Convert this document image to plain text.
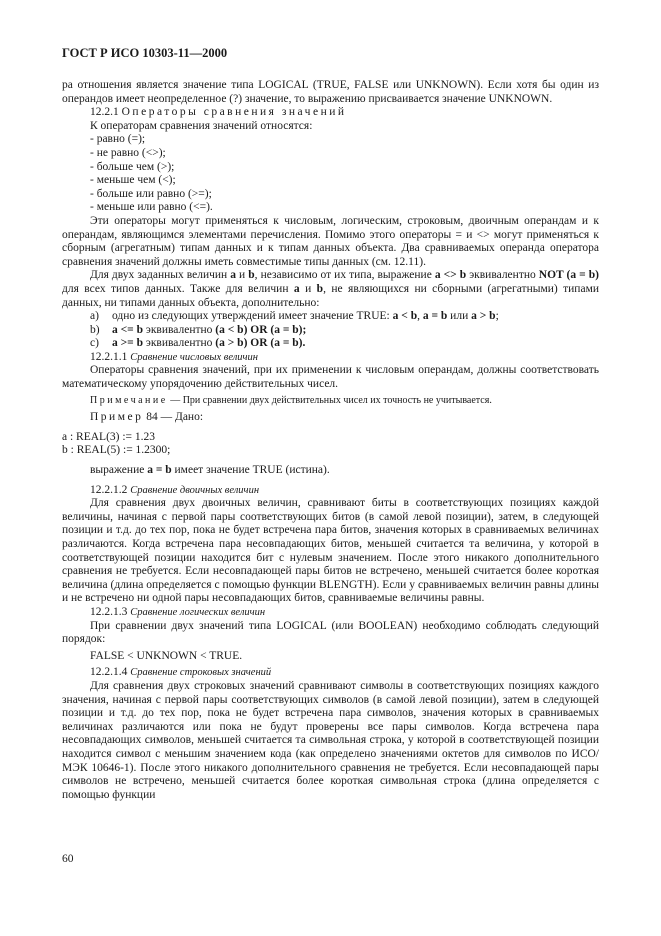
ГОСТ Р ИСО 10303-11—2000

ра отношения является значение типа LOGICAL (TRUE, FALSE или UNKNOWN). Если хотя бы один из операндов имеет неопределенное (?) значение, то выражению присваивается значение UNKNOWN.

12.2.1 Операторы сравнения значений

К операторам сравнения значений относятся:

- равно (=);

- не равно (<>);

- больше чем (>);

- меньше чем (<);

- больше или равно (>=);

- меньше или равно (<=).

Эти операторы могут применяться к числовым, логическим, строковым, двоичным операндам и к операндам, являющимся элементами перечисления. Помимо этого операторы = и <> могут применяться к сборным (агрегатным) типам данных и к типам данных объекта. Два сравниваемых операнда оператора сравнения значений должны иметь совместимые типы данных (см. 12.11).

Для двух заданных величин a и b, независимо от их типа, выражение a <> b эквивалентно NOT (a = b) для всех типов данных. Также для величин a и b, не являющихся ни сборными (агрегатными) типами данных, ни типами данных объекта, дополнительно:

a) одно из следующих утверждений имеет значение TRUE: a < b, a = b или a > b;

b) a <= b эквивалентно (a < b) OR (a = b);

c) a >= b эквивалентно (a > b) OR (a = b).

12.2.1.1 Сравнение числовых величин

Операторы сравнения значений, при их применении к числовым операндам, должны соответствовать математическому упорядочению действительных чисел.

Примечание — При сравнении двух действительных чисел их точность не учитывается.

Пример 84 — Дано:

a : REAL(3) := 1.23

b : REAL(5) := 1.2300;

выражение a = b имеет значение TRUE (истина).

12.2.1.2 Сравнение двоичных величин

Для сравнения двух двоичных величин, сравнивают биты в соответствующих позициях каждой величины, начиная с первой пары соответствующих битов (в самой левой позиции), затем, в следующей позиции и т.д. до тех пор, пока не будет встречена пара битов, значения которых в сравниваемых величинах различаются. Когда встречена пара несовпадающих битов, меньшей считается та величина, у которой в соответствующей позиции находится бит с нулевым значением. После этого никакого дополнительного сравнения не требуется. Если несовпадающей пары битов не встречено, меньшей считается более короткая величина (длина определяется с помощью функции BLENGTH). Если у сравниваемых величин равны длины и не встречено ни одной пары несовпадающих битов, сравниваемые величины равны.

12.2.1.3 Сравнение логических величин

При сравнении двух значений типа LOGICAL (или BOOLEAN) необходимо соблюдать следующий порядок:

FALSE < UNKNOWN < TRUE.

12.2.1.4 Сравнение строковых значений

Для сравнения двух строковых значений сравнивают символы в соответствующих позициях каждого значения, начиная с первой пары соответствующих символов (в самой левой позиции), затем в следующей позиции и т.д. до тех пор, пока не будет встречена пара символов, значения которых в сравниваемых величинах различаются или пока не будут проверены все пары символов. Когда встречена пара несовпадающих символов, меньшей считается та символьная строка, у которой в соответствующей позиции находится символ с меньшим значением кода (как определено значениями октетов для символов по ИСО/МЭК 10646-1). После этого никакого дополнительного сравнения не требуется. Если несовпадающей пары символов не встречено, меньшей считается более короткая символьная строка (длина определяется с помощью функции

60
